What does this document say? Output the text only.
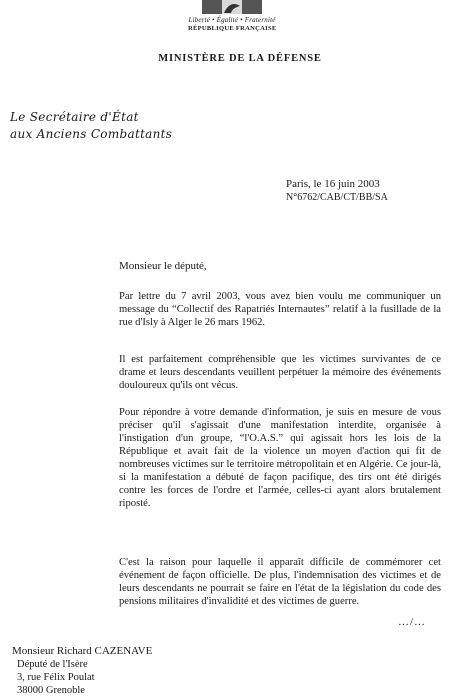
Liberté • Égalité • Fraternité
RÉPUBLIQUE FRANÇAISE
MINISTÈRE DE LA DÉFENSE
Le Secrétaire d'État
aux Anciens Combattants
Paris, le 16 juin 2003
N°6762/CAB/CT/BB/SA
Monsieur le député,

Par lettre du 7 avril 2003, vous avez bien voulu me communiquer un message du “Collectif des Rapatriés Internautes” relatif à la fusillade de la rue d'Isly à Alger le 26 mars 1962.

Il est parfaitement compréhensible que les victimes survivantes de ce drame et leurs descendants veuillent perpétuer la mémoire des événements douloureux qu'ils ont vécus.

Pour répondre à votre demande d'information, je suis en mesure de vous préciser qu'il s'agissait d'une manifestation interdite, organisée à l'instigation d'un groupe, “l'O.A.S.” qui agissait hors les lois de la République et avait fait de la violence un moyen d'action qui fit de nombreuses victimes sur le territoire métropolitain et en Algérie. Ce jour-là, si la manifestation a débuté de façon pacifique, des tirs ont été dirigés contre les forces de l'ordre et l'armée, celles-ci ayant alors brutalement riposté.

C'est la raison pour laquelle il apparaît difficile de commémorer cet événement de façon officielle. De plus, l'indemnisation des victimes et de leurs descendants ne pourrait se faire en l'état de la législation du code des pensions militaires d'invalidité et des victimes de guerre.

…/…
Monsieur Richard CAZENAVE
Député de l'Isère
3, rue Félix Poulat
38000 Grenoble
